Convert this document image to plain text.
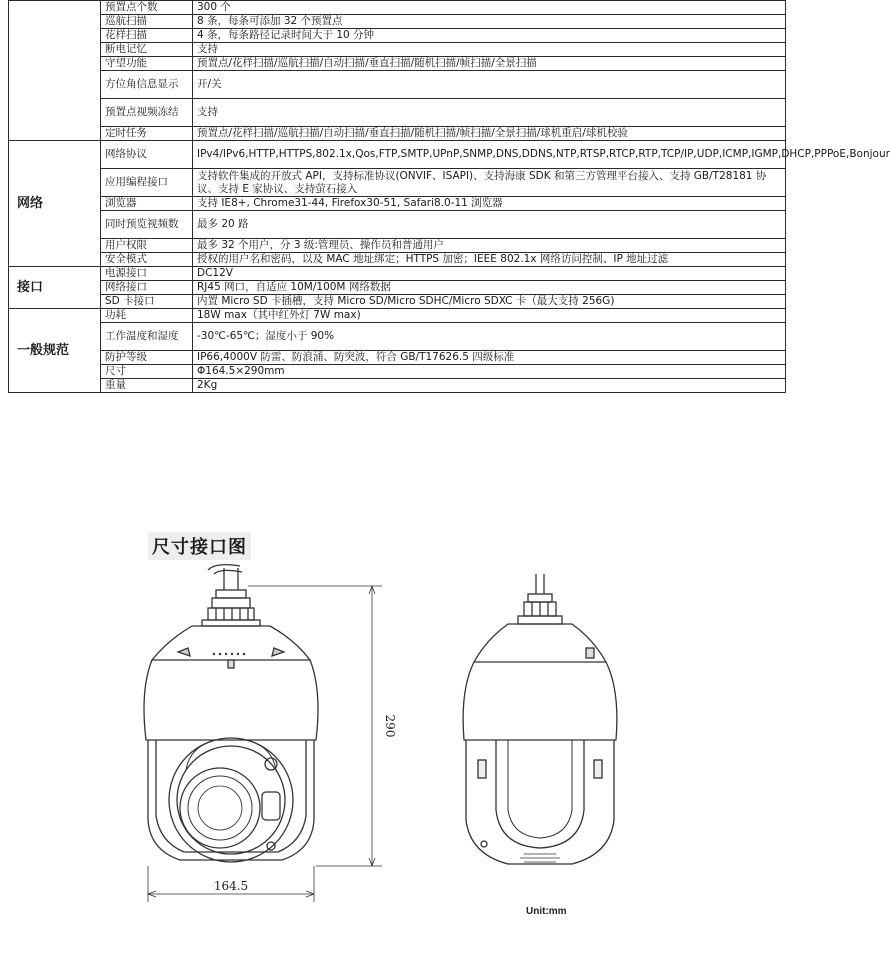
	预置点个数	300 个
	巡航扫描	8 条，每条可添加 32 个预置点
	花样扫描	4 条，每条路径记录时间大于 10 分钟
	断电记忆	支持
	守望功能	预置点/花样扫描/巡航扫描/自动扫描/垂直扫描/随机扫描/帧扫描/全景扫描
	方位角信息显示	开/关
	预置点视频冻结	支持
	定时任务	预置点/花样扫描/巡航扫描/自动扫描/垂直扫描/随机扫描/帧扫描/全景扫描/球机重启/球机校验
网络	网络协议	IPv4/IPv6,HTTP,HTTPS,802.1x,Qos,FTP,SMTP,UPnP,SNMP,DNS,DDNS,NTP,RTSP,RTCP,RTP,TCP/IP,UDP,ICMP,IGMP,DHCP,PPPoE,Bonjour
	应用编程接口	支持软件集成的开放式 API，支持标准协议(ONVIF、ISAPI)、支持海康 SDK 和第三方管理平台接入、支持 GB/T28181 协议、支持 E 家协议、支持萤石接入
	浏览器	支持 IE8+, Chrome31-44, Firefox30-51, Safari8.0-11 浏览器
	同时预览视频数	最多 20 路
	用户权限	最多 32 个用户，分 3 级:管理员、操作员和普通用户
	安全模式	授权的用户名和密码，以及 MAC 地址绑定；HTTPS 加密；IEEE 802.1x 网络访问控制、IP 地址过滤
接口	电源接口	DC12V
	网络接口	RJ45 网口，自适应 10M/100M 网络数据
	SD 卡接口	内置 Micro SD 卡插槽，支持 Micro SD/Micro SDHC/Micro SDXC 卡（最大支持 256G)
一般规范	功耗	18W max（其中红外灯 7W max)
	工作温度和湿度	-30℃-65℃；湿度小于 90%
	防护等级	IP66,4000V 防雷、防浪涌、防突波，符合 GB/T17626.5 四级标准
	尺寸	Φ164.5×290mm
	重量	2Kg
尺寸接口图
164.5
290
Unit:mm
